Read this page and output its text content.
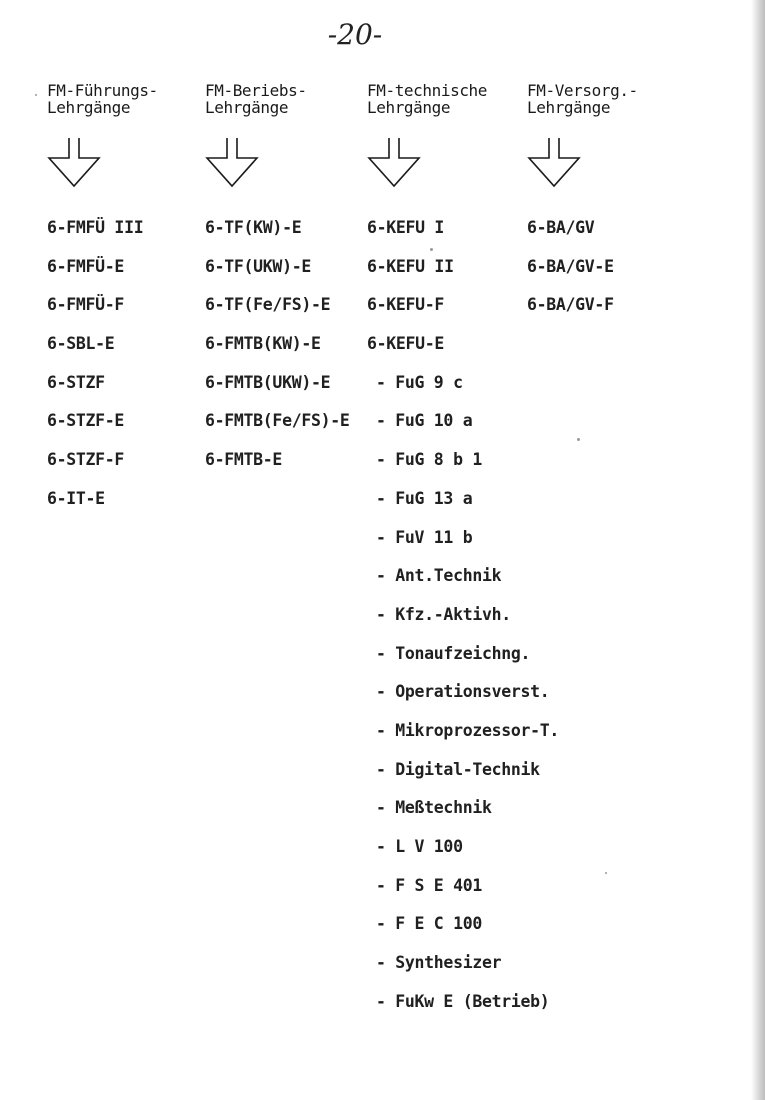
-20-
FM-Führungs-
Lehrgänge
6-FMFÜ III
6-FMFÜ-E
6-FMFÜ-F
6-SBL-E
6-STZF
6-STZF-E
6-STZF-F
6-IT-E
FM-Beriebs-
Lehrgänge
6-TF(KW)-E
6-TF(UKW)-E
6-TF(Fe/FS)-E
6-FMTB(KW)-E
6-FMTB(UKW)-E
6-FMTB(Fe/FS)-E
6-FMTB-E
FM-technische
Lehrgänge
6-KEFU I
6-KEFU II
6-KEFU-F
6-KEFU-E
- FuG 9 c
- FuG 10 a
- FuG 8 b 1
- FuG 13 a
- FuV 11 b
- Ant.Technik
- Kfz.-Aktivh.
- Tonaufzeichng.
- Operationsverst.
- Mikroprozessor-T.
- Digital-Technik
- Meßtechnik
- L V 100
- F S E 401
- F E C 100
- Synthesizer
- FuKw E (Betrieb)
FM-Versorg.-
Lehrgänge
6-BA/GV
6-BA/GV-E
6-BA/GV-F
